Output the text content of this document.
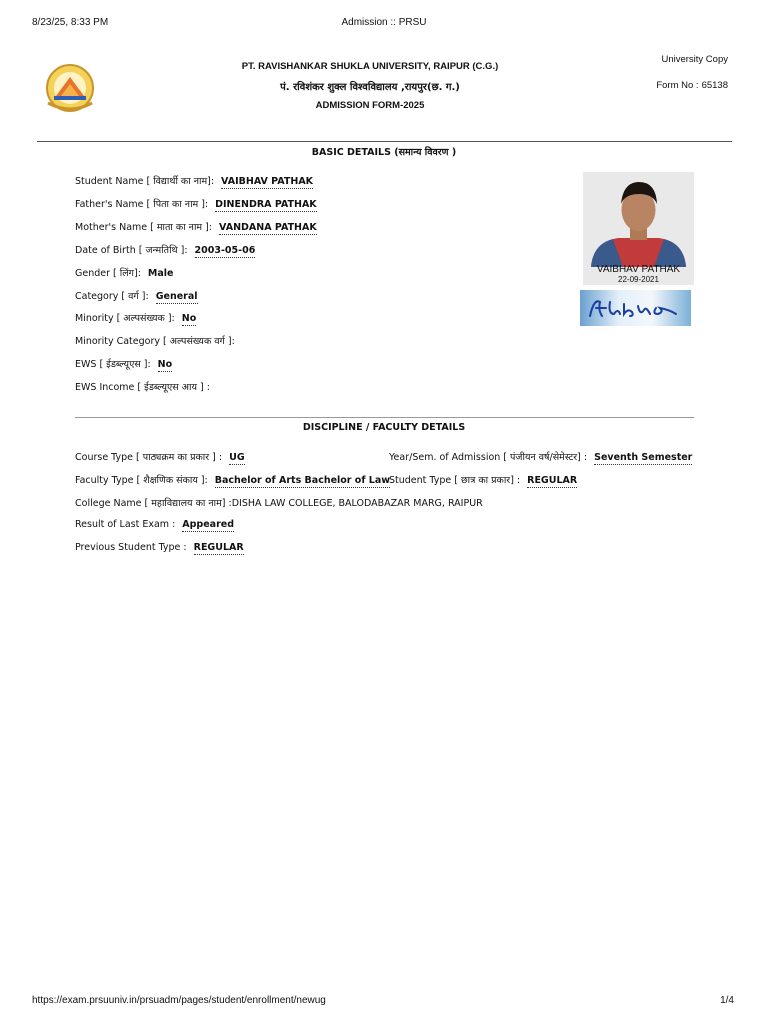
8/23/25, 8:33 PM	Admission :: PRSU
PT. RAVISHANKAR SHUKLA UNIVERSITY, RAIPUR (C.G.)
पं. रविशंकर शुक्ल विश्वविद्यालय ,रायपुर(छ. ग.)
ADMISSION FORM-2025
University Copy
Form No : 65138
BASIC DETAILS (समान्य विवरण )
Student Name [ विद्यार्थी का नाम]: VAIBHAV PATHAK
Father's Name [ पिता का नाम ]: DINENDRA PATHAK
Mother's Name [ माता का नाम ]: VANDANA PATHAK
Date of Birth [ जन्मतिथि ]: 2003-05-06
Gender [ लिंग]: Male
Category [ वर्ग ]: General
Minority [ अल्पसंख्यक ]: No
Minority Category [ अल्पसंख्यक वर्ग ]:
EWS [ ईडब्ल्यूएस ]: No
EWS Income [ ईडब्ल्यूएस आय ] :
VAIBHAV PATHAK
22-09-2021
DISCIPLINE / FACULTY DETAILS
Course Type [ पाठ्यक्रम का प्रकार ] : UG	Year/Sem. of Admission [ पंजीयन वर्ष/सेमेस्टर] : Seventh Semester
Faculty Type [ शैक्षणिक संकाय ]: Bachelor of Arts Bachelor of Law
Student Type [ छात्र का प्रकार] : REGULAR
College Name [ महाविद्यालय का नाम] :DISHA LAW COLLEGE, BALODABAZAR MARG, RAIPUR
Result of Last Exam : Appeared
Previous Student Type : REGULAR
https://exam.prsuuniv.in/prsuadm/pages/student/enrollment/newug	1/4
